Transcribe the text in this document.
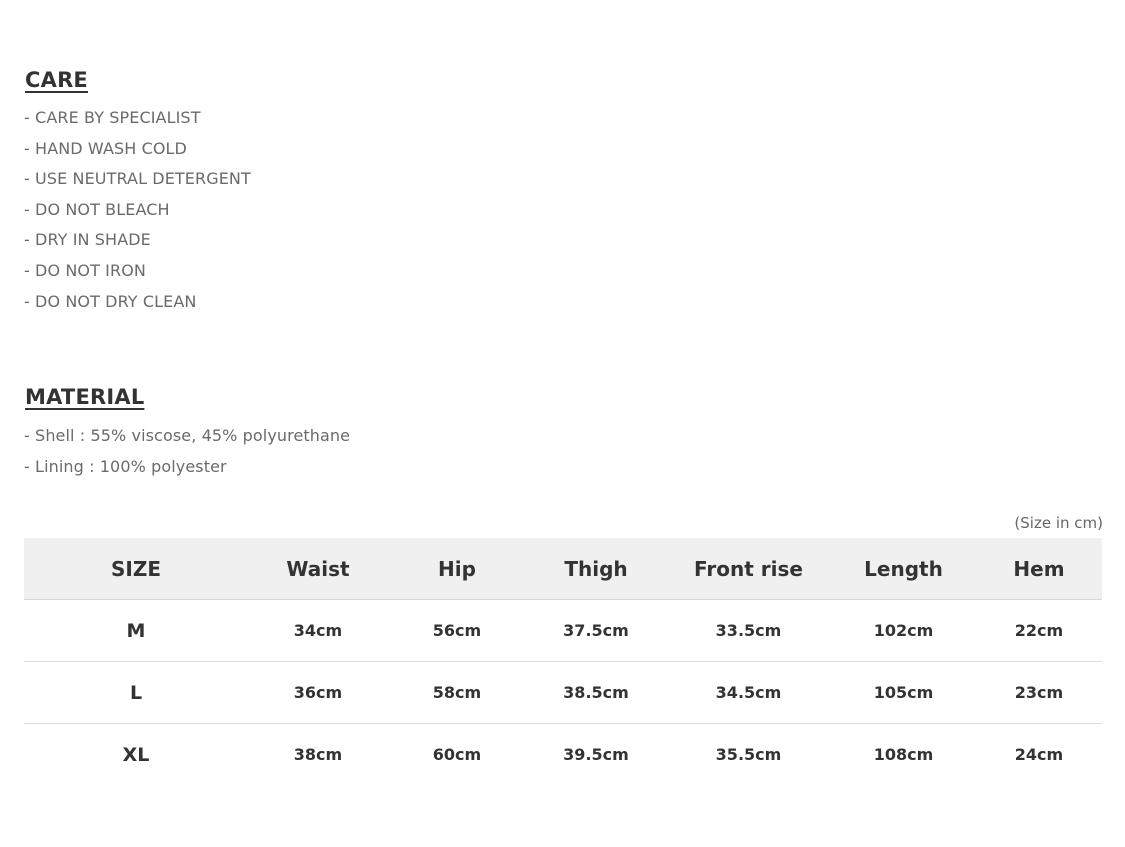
CARE
- CARE BY SPECIALIST
- HAND WASH COLD
- USE NEUTRAL DETERGENT
- DO NOT BLEACH
- DRY IN SHADE
- DO NOT IRON
- DO NOT DRY CLEAN
MATERIAL
- Shell : 55% viscose, 45% polyurethane
- Lining : 100% polyester
(Size in cm)
SIZE	Waist	Hip	Thigh	Front rise	Length	Hem
M	34cm	56cm	37.5cm	33.5cm	102cm	22cm
L	36cm	58cm	38.5cm	34.5cm	105cm	23cm
XL	38cm	60cm	39.5cm	35.5cm	108cm	24cm
